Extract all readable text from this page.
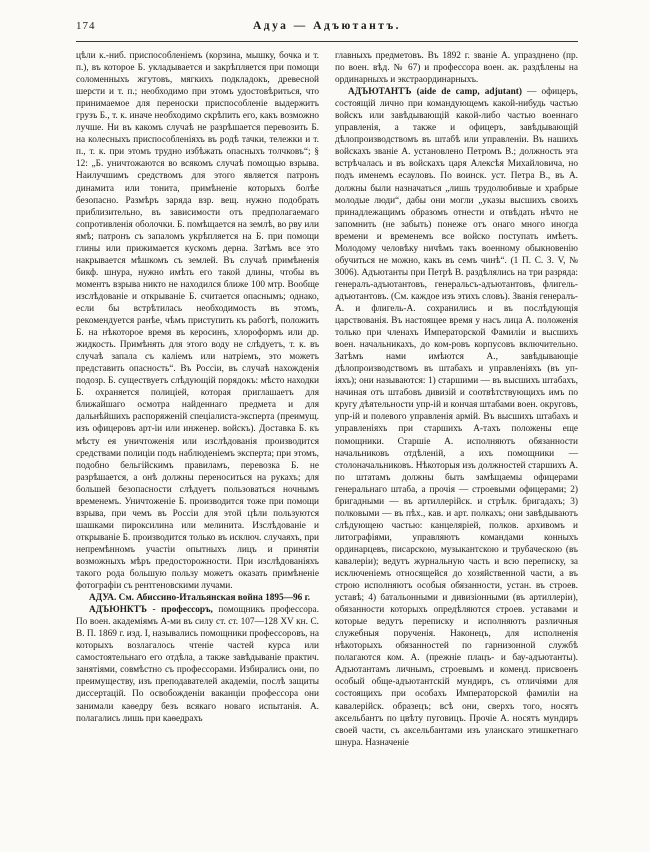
174	Адуа — Адъютантъ.

цѣли к.-ниб. приспособленіемъ (корзина, мышку, бочка и т. п.), въ которое Б. укладывается и закрѣпляется при помощи соломенныхъ жгутовъ, мягкихъ подкладокъ, древесной шерсти и т. п.; необходимо при этомъ удостовѣриться, что принимаемое для переноски приспособленіе выдержитъ грузъ Б., т. к. иначе необходимо скрѣпить его, какъ возможно лучше. Ни въ какомъ случаѣ не разрѣшается перевозить Б. на колесныхъ приспособленіяхъ въ родѣ тачки, тележки и т. п., т. к. при этомъ трудно избѣжать опасныхъ толчковъ“; § 12: „Б. уничтожаются во всякомъ случаѣ помощью взрыва. Наилучшимъ средствомъ для этого является патронъ динамита или тонита, примѣненіе которыхъ болѣе безопасно. Размѣръ заряда взр. вещ. нужно подобрать приблизительно, въ зависимости отъ предполагаемаго сопротивленія оболочки. Б. помѣщается на землѣ, во рву или ямѣ; патронъ съ запаломъ укрѣпляется на Б. при помощи глины или прижимается кускомъ дерна. Затѣмъ все это накрывается мѣшкомъ съ землей. Въ случаѣ примѣненія бикф. шнура, нужно имѣть его такой длины, чтобы въ моментъ взрыва никто не находился ближе 100 мтр. Вообще изслѣдованіе и открываніе Б. считается опаснымъ; однако, если бы встрѣтилась необходимость въ этомъ, рекомендуется ранѣе, чѣмъ приступить къ работѣ, положить Б. на нѣкоторое время въ керосинъ, хлороформъ или др. жидкость. Примѣнять для этого воду не слѣдуетъ, т. к. въ случаѣ запала съ каліемъ или натріемъ, это можетъ представить опасность“. Въ Россіи, въ случаѣ нахожденія подозр. Б. существуетъ слѣдующій порядокъ: мѣсто находки Б. охраняется полиціей, которая приглашаетъ для ближайшаго осмотра найденнаго предмета и для дальнѣйшихъ распоряженій спеціалиста-эксперта (преимущ. изъ офицеровъ арт-іи или инженер. войскъ). Доставка Б. къ мѣсту ея уничтоженія или изслѣдованія производится средствами полиціи подъ наблюденіемъ эксперта; при этомъ, подобно бельгійскимъ правиламъ, перевозка Б. не разрѣшается, а онѣ должны переноситься на рукахъ; для большей безопасности слѣдуетъ пользоваться ночнымъ временемъ. Уничтоженіе Б. производится тоже при помощи взрыва, при чемъ въ Россіи для этой цѣли пользуются шашками пироксилина или мелинита. Изслѣдованіе и открываніе Б. производится только въ исключ. случаяхъ, при непремѣнномъ участіи опытныхъ лицъ и принятіи возможныхъ мѣръ предосторожности. При изслѣдованіяхъ такого рода большую пользу можетъ оказать примѣненіе фотографіи съ рентгеновскими лучами.

АДУА. См. Абиссино-Итальянская война 1895—96 г.

АДЪЮНКТЪ - профессоръ, помощникъ профессора. По воен. академіямъ А-ми въ силу ст. ст. 107—128 XV кн. С. В. П. 1869 г. изд. I, назывались помощники профессоровъ, на которыхъ возлагалось чтеніе частей курса или самостоятельнаго его отдѣла, а также завѣдываніе практич. занятіями, совмѣстно съ профессорами. Избирались они, по преимуществу, изъ преподавателей академіи, послѣ защиты диссертацій. По освобожденіи ваканціи профессора они занимали каѳедру безъ всякаго новаго испытанія. А. полагались лишь при каѳедрахъ

главныхъ предметовъ. Въ 1892 г. званіе А. упразднено (пр. по воен. вѣд. № 67) и профессора воен. ак. раздѣлены на ординарныхъ и экстраординарныхъ.

АДЪЮТАНТЪ (aide de camp, adjutant) — офицеръ, состоящій лично при командующемъ какой-нибудь частью войскъ или завѣдывающій какой-либо частью военнаго управленія, а также и офицеръ, завѣдывающій дѣлопроизводствомъ въ штабѣ или управленіи. Въ нашихъ войскахъ званіе А. установлено Петромъ В.; должность эта встрѣчалась и въ войскахъ царя Алексѣя Михайловича, но подъ именемъ есауловъ. По воинск. уст. Петра В., въ А. должны были назначаться „лишь трудолюбивые и храбрые молодые люди“, дабы они могли „указы высшихъ своихъ принадлежащимъ образомъ отнести и отвѣдать нѣчто не запомнить (не забыть) понеже отъ онаго много иногда времени и временемъ все войско поступать имѣетъ. Молодому человѣку ничѣмъ такъ военному обыкновенію обучиться не можно, какъ въ семъ чинѣ“. (1 П. С. З. V, № 3006). Адъютанты при Петрѣ В. раздѣлялись на три разряда: генералъ-адъютантовъ, генеральсъ-адъютантовъ, флигель-адъютантовъ. (См. каждое изъ этихъ словъ). Званія генералъ-А. и флигель-А. сохранились и въ послѣдующія царствованія. Въ настоящее время у насъ лица А. положенія только при членахъ Императорской Фамиліи и высшихъ воен. начальникахъ, до ком-ровъ корпусовъ включительно. Затѣмъ нами имѣются А., завѣдывающіе дѣлопроизводствомъ въ штабахъ и управленіяхъ (въ уп-іяхъ); они называются: 1) старшими — въ высшихъ штабахъ, начиная отъ штабовъ дивизій и соотвѣтствующихъ имъ по кругу дѣятельности упр-ій и кончая штабами воен. округовъ, упр-ій и полевого управленія армій. Въ высшихъ штабахъ и управленіяхъ при старшихъ А-тахъ положены еще помощники. Старшіе А. исполняютъ обязанности начальниковъ отдѣленій, а ихъ помощники — столоначальниковъ. Нѣкоторыя изъ должностей старшихъ А. по штатамъ должны быть замѣщаемы офицерами генеральнаго штаба, а прочія — строевыми офицерами; 2) бригадными — въ артиллерійск. и стрѣлк. бригадахъ; 3) полковыми — въ пѣх., кав. и арт. полкахъ; они завѣдываютъ слѣдующею частью: канцеляріей, полков. архивомъ и литографіями, управляютъ командами конныхъ ординарцевъ, писарскою, музыкантскою и трубаческою (въ кавалеріи); ведутъ журнальную часть и всю переписку, за исключеніемъ относящейся до хозяйственной части, а въ строю исполняютъ особыя обязанности, устан. въ строев. уставѣ; 4) батальонными и дивизіонными (въ артиллеріи), обязанности которыхъ опредѣляются строев. уставами и которые ведутъ переписку и исполняютъ различныя служебныя порученія. Наконецъ, для исполненія нѣкоторыхъ обязанностей по гарнизонной службѣ полагаются ком. А. (прежніе плацъ- и бау-адъютанты). Адъютантамъ личнымъ, строевымъ и коменд. присвоенъ особый обще-адъютантскій мундиръ, съ отличіями для состоящихъ при особахъ Императорской фамиліи на кавалерійск. образецъ; всѣ они, сверхъ того, носятъ аксельбантъ по цвѣту пуговицъ. Прочіе А. носятъ мундиръ своей части, съ аксельбантами изъ уланскаго этишкетнаго шнура. Назначеніе
